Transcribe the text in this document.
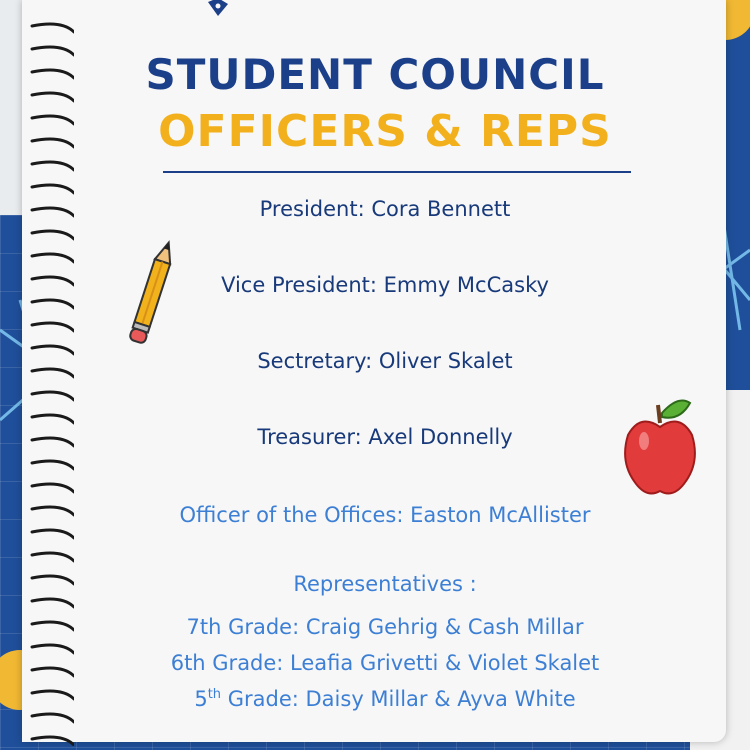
STUDENT COUNCIL
OFFICERS & REPS
President: Cora Bennett
Vice President: Emmy McCasky
Sectretary: Oliver Skalet
Treasurer: Axel Donnelly
Officer of the Offices: Easton McAllister
Representatives :
7th Grade: Craig Gehrig & Cash Millar
6th Grade: Leafia Grivetti & Violet Skalet
5th Grade: Daisy Millar & Ayva White
